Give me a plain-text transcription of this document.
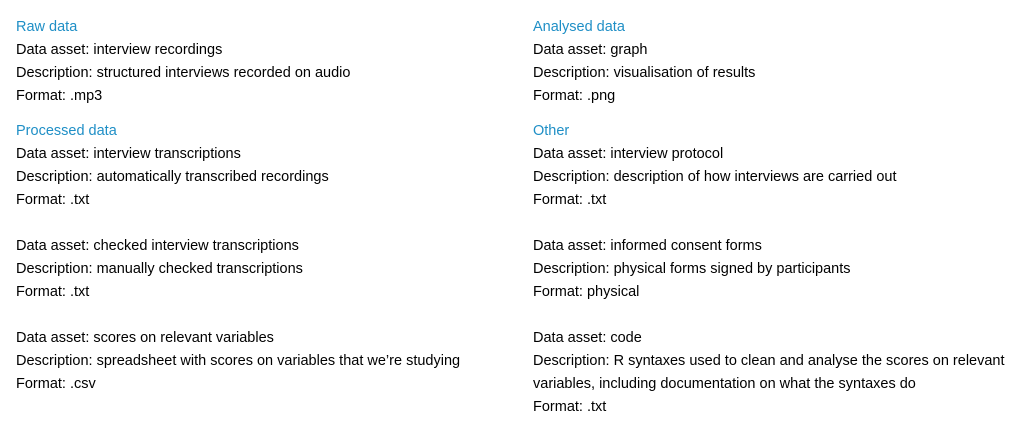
Raw data
Data asset: interview recordings
Description: structured interviews recorded on audio
Format: .mp3
Processed data
Data asset: interview transcriptions
Description: automatically transcribed recordings
Format: .txt
Data asset: checked interview transcriptions
Description: manually checked transcriptions
Format: .txt
Data asset: scores on relevant variables
Description: spreadsheet with scores on variables that we’re studying
Format: .csv
Analysed data
Data asset: graph
Description: visualisation of results
Format: .png
Other
Data asset: interview protocol
Description: description of how interviews are carried out
Format: .txt
Data asset: informed consent forms
Description: physical forms signed by participants
Format: physical
Data asset: code
Description: R syntaxes used to clean and analyse the scores on relevant variables, including documentation on what the syntaxes do
Format: .txt
